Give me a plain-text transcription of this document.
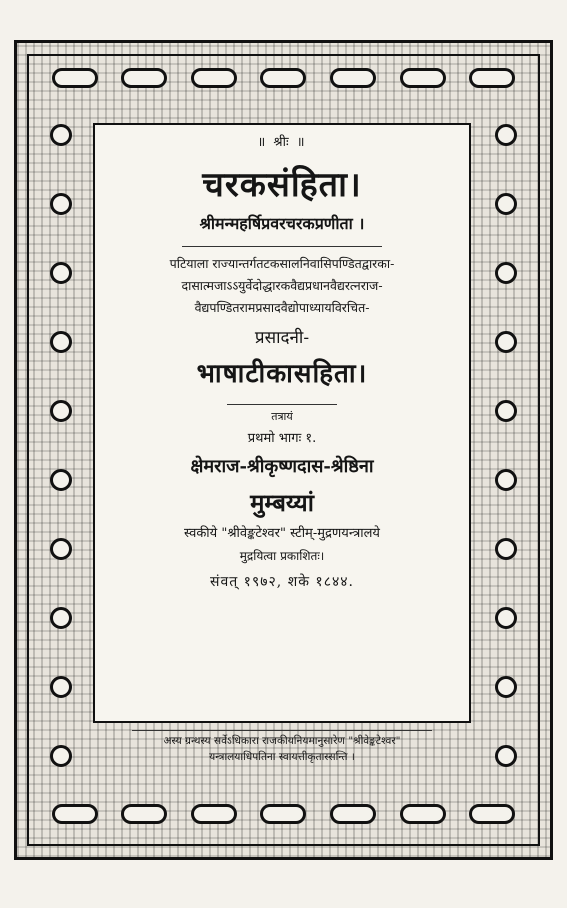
॥ श्रीः ॥
चरकसंहिता।
श्रीमन्महर्षिप्रवरचरकप्रणीता ।
पटियाला राज्यान्तर्गतटकसालनिवासिपण्डितद्वारका-
दासात्मजाऽऽयुर्वेदोद्धारकवैद्यप्रधानवैद्यरत्नराज-
वैद्यपण्डितरामप्रसादवैद्योपाध्यायविरचित-
प्रसादनी-
भाषाटीकासहिता।
तत्रायं
प्रथमो भागः १.
क्षेमराज-श्रीकृष्णदास-श्रेष्ठिना
मुम्बय्यां
स्वकीये "श्रीवेङ्कटेश्वर" स्टीम्-मुद्रणयन्त्रालये
मुद्रयित्वा प्रकाशितः।
संवत् १९७२, शके १८४४.
अस्य ग्रन्थस्य सर्वेऽधिकारा राजकीयनियमानुसारेण "श्रीवेङ्कटेश्वर"
यन्त्रालयाधिपतिना स्वायत्तीकृतास्सन्ति ।
